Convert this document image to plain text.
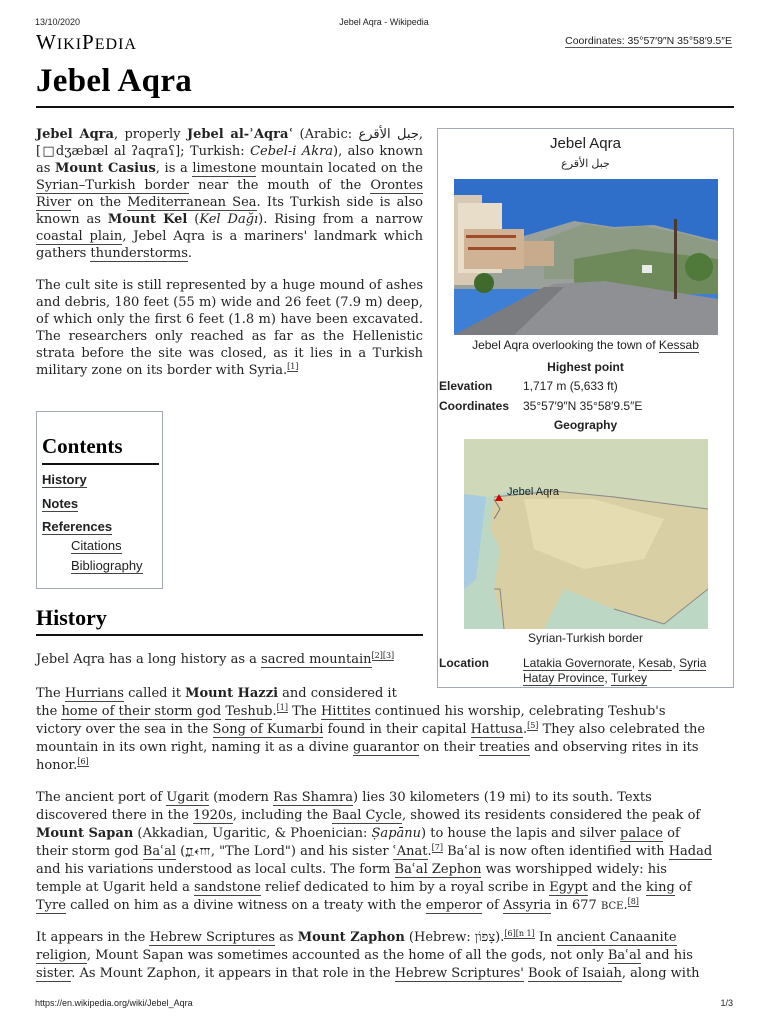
13/10/2020	Jebel Aqra - Wikipedia
WIKIPEDIA	Coordinates: 35°57′9″N 35°58′9.5″E
Jebel Aqra
Jebel Aqra, properly Jebel al-ʾAqraʿ (Arabic: جبل الأقرع, [□dʒæbæl al ʔaqraʕ]; Turkish: Cebel-i Akra), also known as Mount Casius, is a limestone mountain located on the Syrian–Turkish border near the mouth of the Orontes River on the Mediterranean Sea. Its Turkish side is also known as Mount Kel (Kel Dağı). Rising from a narrow coastal plain, Jebel Aqra is a mariners' landmark which gathers thunderstorms.
The cult site is still represented by a huge mound of ashes and debris, 180 feet (55 m) wide and 26 feet (7.9 m) deep, of which only the first 6 feet (1.8 m) have been excavated. The researchers only reached as far as the Hellenistic strata before the site was closed, as it lies in a Turkish military zone on its border with Syria.[1]
Jebel Aqra
جبل الأقرع
Jebel Aqra overlooking the town of Kessab
Highest point
Elevation	1,717 m (5,633 ft)
Coordinates 35°57′9″N 35°58′9.5″E
Geography
Jebel Aqra
Syrian-Turkish border
Location	Latakia Governorate, Kesab, Syria
Hatay Province, Turkey
Contents
History
Notes
References
Citations
Bibliography
History
Jebel Aqra has a long history as a sacred mountain[2][3]
The Hurrians called it Mount Hazzi and considered it
the home of their storm god Teshub.[1] The Hittites continued his worship, celebrating Teshub's
victory over the sea in the Song of Kumarbi found in their capital Hattusa.[5] They also celebrated the
mountain in its own right, naming it as a divine guarantor on their treaties and observing rites in its
honor.[6]
The ancient port of Ugarit (modern Ras Shamra) lies 30 kilometers (19 mi) to its south. Texts
discovered there in the 1920s, including the Baal Cycle, showed its residents considered the peak of
Mount Sapan (Akkadian, Ugaritic, & Phoenician: Ṣapānu) to house the lapis and silver palace of
their storm god Baʿal (𐎁𐎓𐎍, "The Lord") and his sister ʿAnat.[7] Baʿal is now often identified with Hadad
and his variations understood as local cults. The form Baʿal Zephon was worshipped widely: his
temple at Ugarit held a sandstone relief dedicated to him by a royal scribe in Egypt and the king of
Tyre called on him as a divine witness on a treaty with the emperor of Assyria in 677 BCE.[8]
It appears in the Hebrew Scriptures as Mount Zaphon (Hebrew: צָפוֹן).[6][n 1] In ancient Canaanite
religion, Mount Sapan was sometimes accounted as the home of all the gods, not only Baʿal and his
sister. As Mount Zaphon, it appears in that role in the Hebrew Scriptures' Book of Isaiah, along with
https://en.wikipedia.org/wiki/Jebel_Aqra	1/3
